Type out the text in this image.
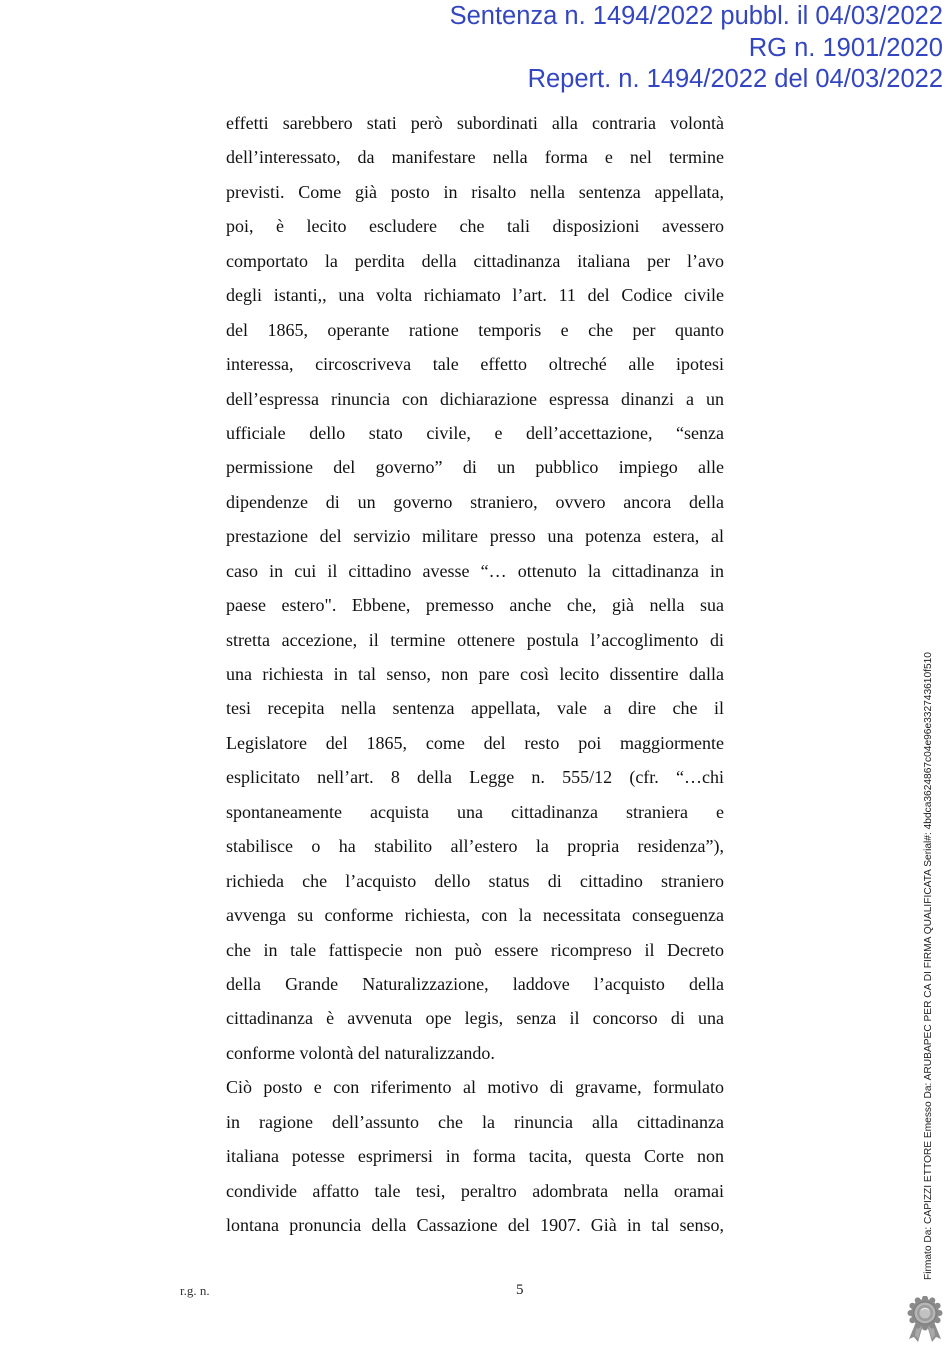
Sentenza n. 1494/2022 pubbl. il 04/03/2022
RG n. 1901/2020
Repert. n. 1494/2022 del 04/03/2022
effetti sarebbero stati però subordinati alla contraria volontà
dell’interessato, da manifestare nella forma e nel termine
previsti. Come già posto in risalto nella sentenza appellata,
poi, è lecito escludere che tali disposizioni avessero
comportato la perdita della cittadinanza italiana per l’avo
degli istanti,, una volta richiamato l’art. 11 del Codice civile
del 1865, operante ratione temporis e che per quanto
interessa, circoscriveva tale effetto oltreché alle ipotesi
dell’espressa rinuncia con dichiarazione espressa dinanzi a un
ufficiale dello stato civile, e dell’accettazione, “senza
permissione del governo” di un pubblico impiego alle
dipendenze di un governo straniero, ovvero ancora della
prestazione del servizio militare presso una potenza estera, al
caso in cui il cittadino avesse “… ottenuto la cittadinanza in
paese estero". Ebbene, premesso anche che, già nella sua
stretta accezione, il termine ottenere postula l’accoglimento di
una richiesta in tal senso, non pare così lecito dissentire dalla
tesi recepita nella sentenza appellata, vale a dire che il
Legislatore del 1865, come del resto poi maggiormente
esplicitato nell’art. 8 della Legge n. 555/12 (cfr. “…chi
spontaneamente acquista una cittadinanza straniera e
stabilisce o ha stabilito all’estero la propria residenza”),
richieda che l’acquisto dello status di cittadino straniero
avvenga su conforme richiesta, con la necessitata conseguenza
che in tale fattispecie non può essere ricompreso il Decreto
della Grande Naturalizzazione, laddove l’acquisto della
cittadinanza è avvenuta ope legis, senza il concorso di una
conforme volontà del naturalizzando.
Ciò posto e con riferimento al motivo di gravame, formulato
in ragione dell’assunto che la rinuncia alla cittadinanza
italiana potesse esprimersi in forma tacita, questa Corte non
condivide affatto tale tesi, peraltro adombrata nella oramai
lontana pronuncia della Cassazione del 1907. Già in tal senso,
r.g. n.	5
Firmato Da: CAPIZZI ETTORE Emesso Da: ARUBAPEC PER CA DI FIRMA QUALIFICATA Serial#: 4bdca3624867c04e96e332743610f510
